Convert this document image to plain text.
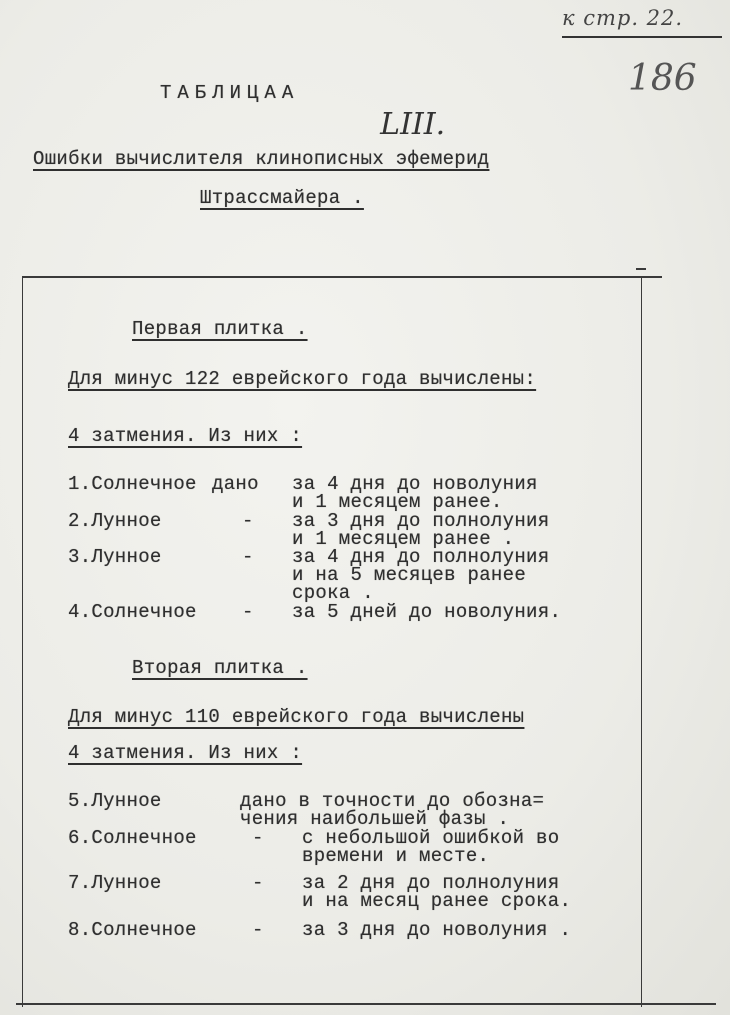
к стр. 22.
186
ТАБЛИЦАА

LIII.

Ошибки вычислителя клинописных эфемерид
Штрассмайера .
Первая плитка .
Для минус 122 еврейского года вычислены:
4 затмения. Из них :
1.Солнечное дано за 4 дня до новолуния
и 1 месяцем ранее.
2.Лунное	- за 3 дня до полнолуния
и 1 месяцем ранее .
3.Лунное	- за 4 дня до полнолуния
и на 5 месяцев ранее
срока .
4.Солнечное - за 5 дней до новолуния.
Вторая плитка .
Для минус 110 еврейского года вычислены
4 затмения. Из них :
5.Лунное	дано в точности до обозна=
чения наибольшей фазы .
6.Солнечное	- с небольшой ошибкой во
времени и месте.
7.Лунное	- за 2 дня до полнолуния
и на месяц ранее срока.
8.Солнечное	- за 3 дня до новолуния .
